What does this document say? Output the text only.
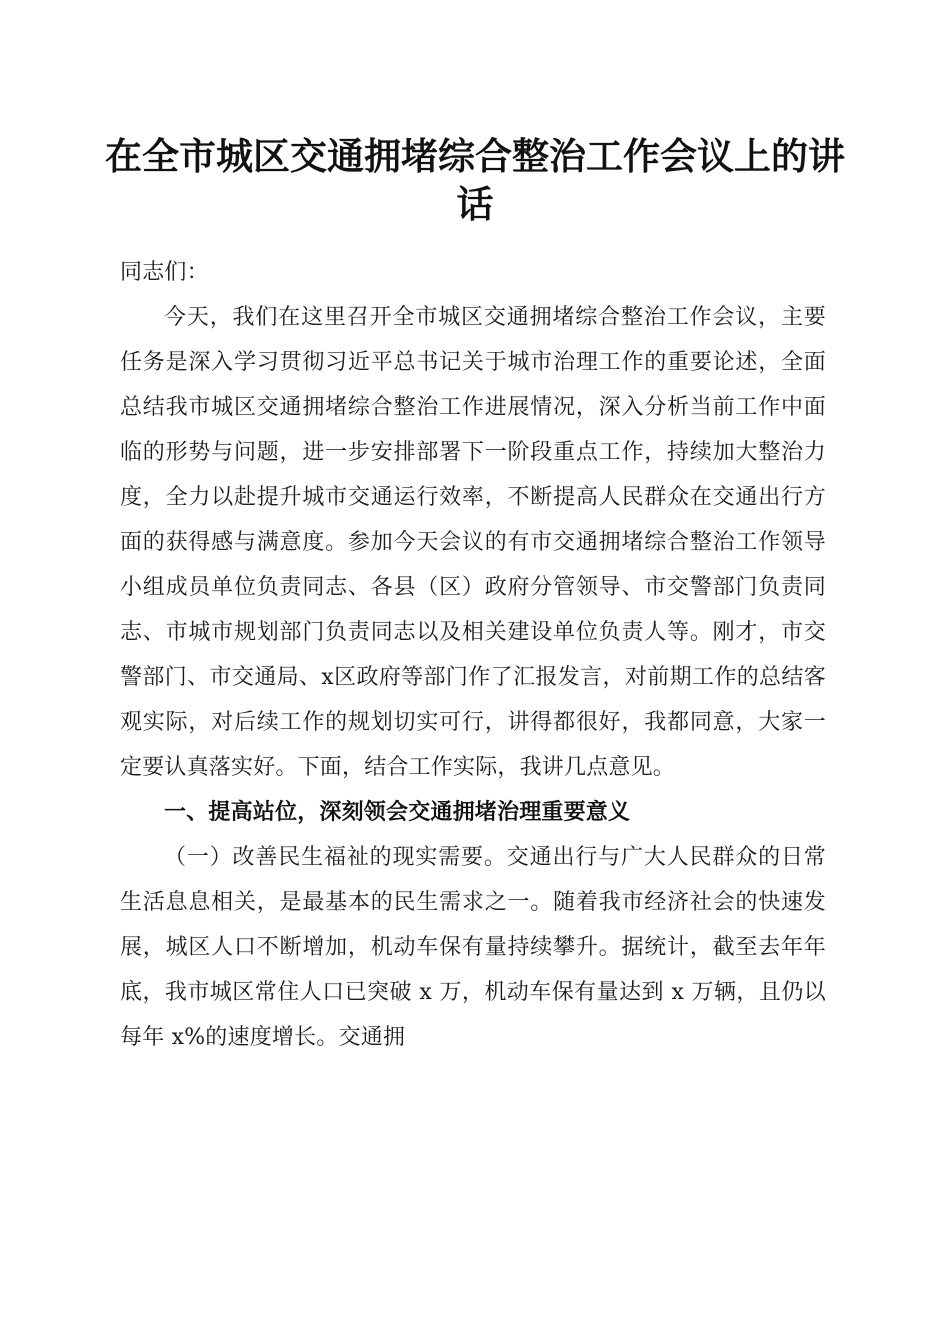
在全市城区交通拥堵综合整治工作会议上的讲话

同志们：

今天，我们在这里召开全市城区交通拥堵综合整治工作会议，主要任务是深入学习贯彻习近平总书记关于城市治理工作的重要论述，全面总结我市城区交通拥堵综合整治工作进展情况，深入分析当前工作中面临的形势与问题，进一步安排部署下一阶段重点工作，持续加大整治力度，全力以赴提升城市交通运行效率，不断提高人民群众在交通出行方面的获得感与满意度。参加今天会议的有市交通拥堵综合整治工作领导小组成员单位负责同志、各县（区）政府分管领导、市交警部门负责同志、市城市规划部门负责同志以及相关建设单位负责人等。刚才，市交警部门、市交通局、x区政府等部门作了汇报发言，对前期工作的总结客观实际，对后续工作的规划切实可行，讲得都很好，我都同意，大家一定要认真落实好。下面，结合工作实际，我讲几点意见。

一、提高站位，深刻领会交通拥堵治理重要意义

（一）改善民生福祉的现实需要。交通出行与广大人民群众的日常生活息息相关，是最基本的民生需求之一。随着我市经济社会的快速发展，城区人口不断增加，机动车保有量持续攀升。据统计，截至去年年底，我市城区常住人口已突破 x 万，机动车保有量达到 x 万辆，且仍以每年 x%的速度增长。交通拥
